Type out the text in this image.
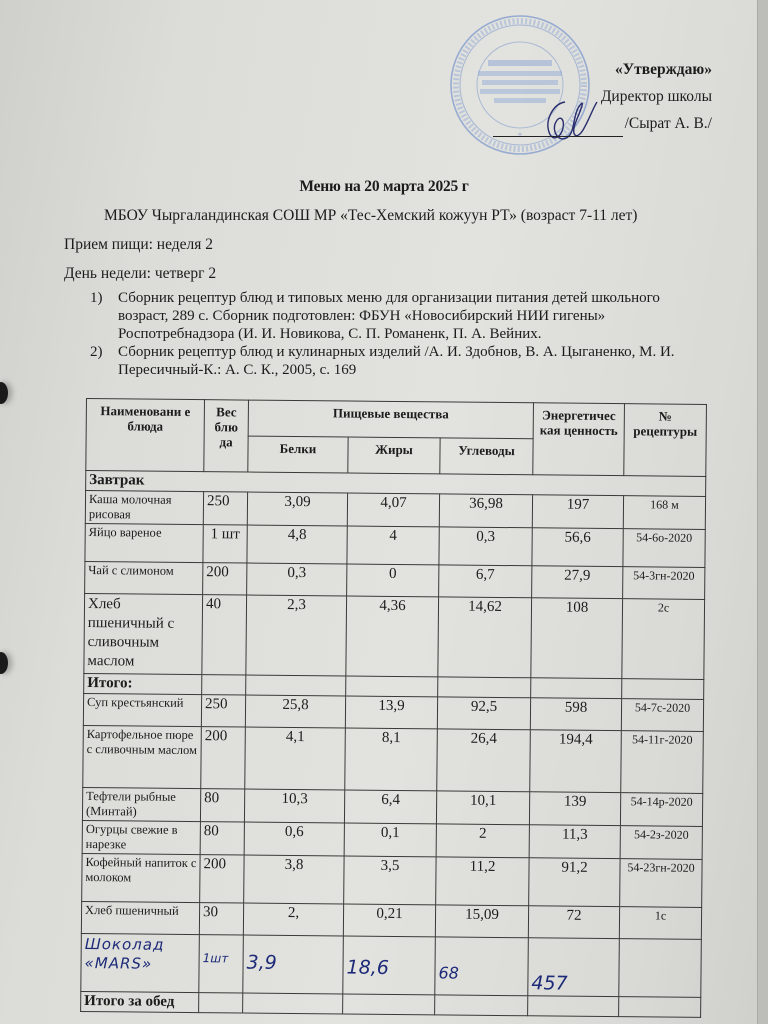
*
«Утверждаю»
Директор школы
/Сырат А. В./
Меню на 20 марта 2025 г
МБОУ Чыргаландинская СОШ МР «Тес-Хемский кожуун РТ» (возраст 7-11 лет)
Прием пищи: неделя 2
День недели: четверг 2
1) Сборник рецептур блюд и типовых меню для организации питания детей школьного возраст, 289 с. Сборник подготовлен: ФБУН «Новосибирский НИИ гигены» Роспотребнадзора (И. И. Новикова, С. П. Романенк, П. А. Вейних.
2) Сборник рецептур блюд и кулинарных изделий /А. И. Здобнов, В. А. Цыганенко, М. И. Пересичный-К.: А. С. К., 2005, с. 169
Наименовани е блюда	Вес блю да	Пищевые вещества			Энергетичес кая ценность	№ рецептуры
		Белки	Жиры	Углеводы		
Завтрак						
Каша молочная рисовая	250	3,09	4,07	36,98	197	168 м
Яйцо вареное	1 шт	4,8	4	0,3	56,6	54-6о-2020
Чай с слимоном	200	0,3	0	6,7	27,9	54-3гн-2020
Хлеб пшеничный с сливочным маслом	40	2,3	4,36	14,62	108	2с
Итого:						
Суп крестьянский	250	25,8	13,9	92,5	598	54-7с-2020
Картофельное пюре с сливочным маслом	200	4,1	8,1	26,4	194,4	54-11г-2020
Тефтели рыбные (Минтай)	80	10,3	6,4	10,1	139	54-14р-2020
Огурцы свежие в нарезке	80	0,6	0,1	2	11,3	54-2з-2020
Кофейный напиток с молоком	200	3,8	3,5	11,2	91,2	54-23гн-2020
Хлеб пшеничный	30	2,	0,21	15,09	72	1с
Шоколад «MARS»	1шт	3,9	18,6	68	457	
Итого за обед						
